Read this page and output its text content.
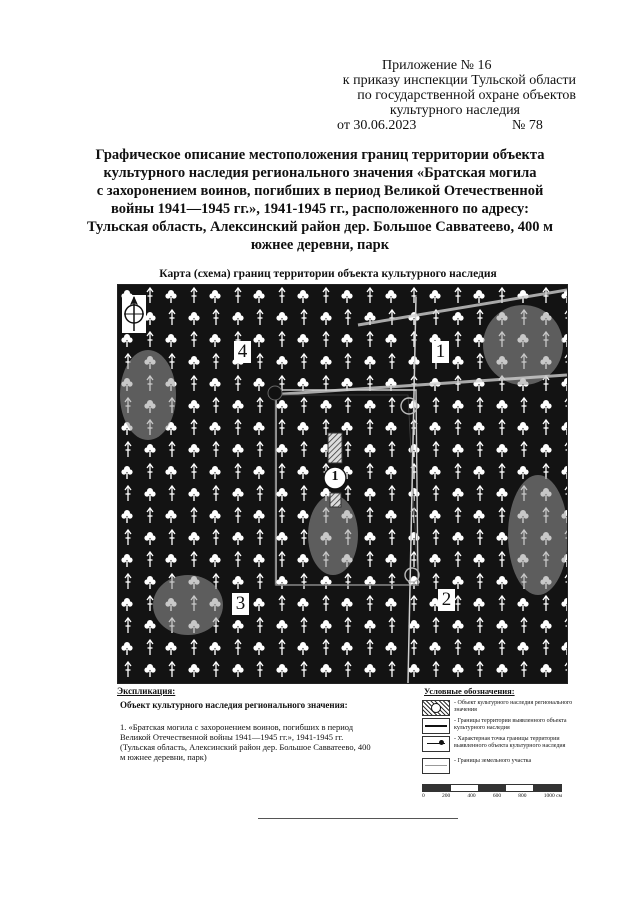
Приложение № 16
к приказу инспекции Тульской области
по государственной охране объектов
культурного наследия
от 30.06.2023	№ 78
Графическое описание местоположения границ территории объекта
культурного наследия регионального значения «Братская могила
с захоронением воинов, погибших в период Великой Отечественной
войны 1941—1945 гг.», 1941-1945 гг., расположенного по адресу:
Тульская область, Алексинский район дер. Большое Савватеево, 400 м
южнее деревни, парк
Карта (схема) границ территории объекта культурного наследия
4	1
3	2
1
Экспликация:
Объект культурного наследия регионального значения:
1. «Братская могила с захоронением воинов, погибших в период
Великой Отечественной войны 1941—1945 гг.», 1941-1945 гг.
(Тульская область, Алексинский район дер. Большое Савватеево, 400
м южнее деревни, парк)
Условные обозначения:
- Объект культурного наследия регионального значения
- Границы территории выявленного объекта культурного наследия
- Характерная точка границы территории выявленного объекта культурного наследия
- Границы земельного участка
0	200	400	600	800	1000 см
